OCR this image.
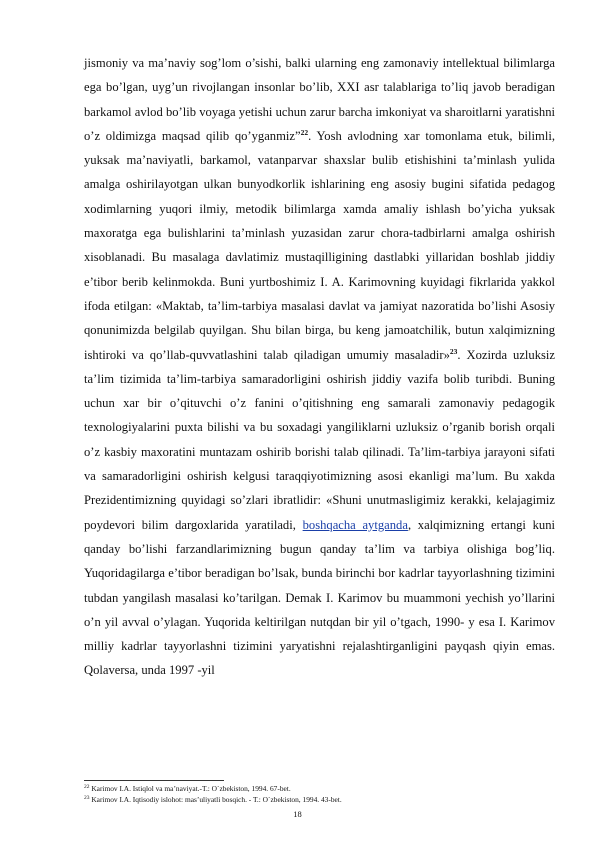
jismoniy va ma’naviy sog’lom o’sishi, balki ularning eng zamonaviy intellektual bilimlarga ega bo’lgan, uyg’un rivojlangan insonlar bo’lib, XXI asr talablariga to’liq javob beradigan barkamol avlod bo’lib voyaga yetishi uchun zarur barcha imkoniyat va sharoitlarni yaratishni o’z oldimizga maqsad qilib qo’yganmiz”$^{22}$. Yosh avlodning xar tomonlama etuk, bilimli, yuksak ma’naviyatli, barkamol, vatanparvar shaxslar bulib etishishini ta’minlash yulida amalga oshirilayotgan ulkan bunyodkorlik ishlarining eng asosiy bugini sifatida pedagog xodimlarning yuqori ilmiy, metodik bilimlarga xamda amaliy ishlash bo’yicha yuksak maxoratga ega bulishlarini ta’minlash yuzasidan zarur chora-tadbirlarni amalga oshirish xisoblanadi. Bu masalaga davlatimiz mustaqilligining dastlabki yillaridan boshlab jiddiy e’tibor berib kelinmokda. Buni yurtboshimiz I. A. Karimovning kuyidagi fikrlarida yakkol ifoda etilgan: «Maktab, ta’lim-tarbiya masalasi davlat va jamiyat nazoratida bo’lishi Asosiy qonunimizda belgilab quyilgan. Shu bilan birga, bu keng jamoatchilik, butun xalqimizning ishtiroki va qo’llab-quvvatlashini talab qiladigan umumiy masaladir»$^{23}$. Xozirda uzluksiz ta’lim tizimida ta’lim-tarbiya samaradorligini oshirish jiddiy vazifa bolib turibdi. Buning uchun xar bir o’qituvchi o’z fanini o’qitishning eng samarali zamonaviy pedagogik texnologiyalarini puxta bilishi va bu soxadagi yangiliklarni uzluksiz o’rganib borish orqali o’z kasbiy maxoratini muntazam oshirib borishi talab qilinadi. Ta’lim-tarbiya jarayoni sifati va samaradorligini oshirish kelgusi taraqqiyotimizning asosi ekanligi ma’lum. Bu xakda Prezidentimizning quyidagi so’zlari ibratlidir: «Shuni unutmasligimiz kerakki, kelajagimiz poydevori bilim dargoxlarida yaratiladi, boshqacha aytganda, xalqimizning ertangi kuni qanday bo’lishi farzandlarimizning bugun qanday ta’lim va tarbiya olishiga bog’liq. Yuqoridagilarga e’tibor beradigan bo’lsak, bunda birinchi bor kadrlar tayyorlashning tizimini tubdan yangilash masalasi ko’tarilgan. Demak I. Karimov bu muammoni yechish yo’llarini o’n yil avval o’ylagan. Yuqorida keltirilgan nutqdan bir yil o’tgach, 1990- y esa I. Karimov milliy kadrlar tayyorlashni tizimini yaryatishni rejalashtirganligini payqash qiyin emas. Qolaversa, unda 1997 -yil

$^{22}$ Karimov I.A. Istiqlol va ma’naviyat.-T.: O`zbekiston, 1994. 67-bet.
$^{23}$ Karimov I.A. Iqtisodiy islohot: mas’uliyatli bosqich. - T.: O`zbekiston, 1994. 43-bet.
18
